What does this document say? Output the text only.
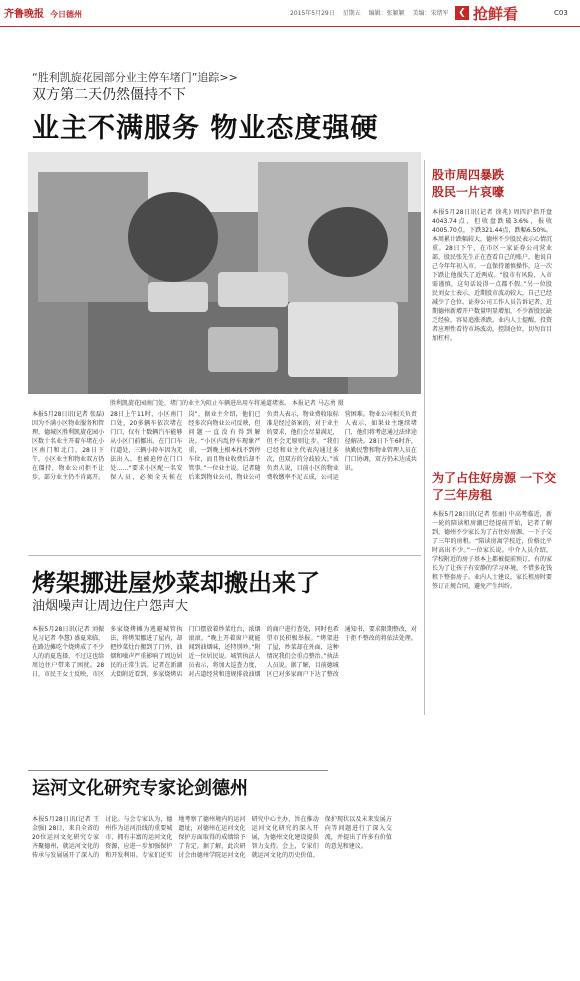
齐鲁晚报 今日德州	2015年5月29日 星期五 编辑：张颖颖 美编：宋绪军	❮ 抢鲜看	C03
“胜利凯旋花园部分业主停车堵门”追踪>>
双方第二天仍然僵持不下
业主不满服务 物业态度强硬
胜利凯旋花园南门处，堵门的业主为阻止车辆进出用车将通道堵塞。 本报记者 马志勇 摄
本报5月28日讯(记者 张磊) 因为不满小区物业服务和管理，德城区胜利凯旋花园小区数十名业主开着车堵在小区南门和北门，28日下午，小区业主和物业双方仍在僵持，物业公司拒不让步，部分业主仍不肯离开。28日上午11时，小区南门口处，20多辆车依次堵在门口，仅有十数辆汽车能够从小区门前挪出，在门口车行道处，三辆小轿车因为无法出入，也被迫停在门口处……“要求小区配一名安保人员，必须全天候在岗”，据业主介绍，他们已经多次向物业公司反映，但问题一直没有得到解决。“小区内乱停车现象严重，一到晚上根本找不到停车位，而且物业收费后却不管事。”一位业主说。记者随后来到物业公司，物业公司负责人表示，物业费收取标准是经过备案的，对于业主的要求，他们会尽量满足，但不会无原则让步。“我们已经和业主代表沟通过多次，但双方的分歧较大。”该负责人说，目前小区的物业费收缴率不足五成，公司运营困难。物业公司相关负责人表示，如果业主继续堵门，他们将考虑通过法律途径解决。28日下午6时许，执勤民警和物业管理人员在门口协调，双方仍未达成共识。
股市周四暴跌 股民一片哀嚎
本报5月28日讯(记者 徐兆) 周四沪指开盘4043.74点，但收盘跌破3.6%，报收4005.70点，下跌321.44点，跌幅6.50%。本周累计跌幅较大，德州不少股民表示心情沉重。28日下午，在市区一家证券公司营业部，股民张先生正在查看自己的账户，他说自己今年年初入市，一直保持谨慎操作，这一次下跌让他损失了近两成。“股市有风险，入市需谨慎，这句话说得一点都不假。”另一位股民刘女士表示，近期股市波动较大，自己已经减少了仓位。证券公司工作人员告诉记者，近期德州新增开户数量明显增加，不少新股民缺乏经验，容易追涨杀跌。业内人士提醒，投资者应理性看待市场波动，控制仓位，切勿盲目加杠杆。
为了占住好房源 一下交了三年房租
本报5月28日讯(记者 张丽) 中高考临近，新一轮的陪读租房潮已经提前开始，记者了解到，德州不少家长为了占住好房源，一下子交了三年的房租。“陪读房离学校近，价格比平时高出不少。”一位家长说。中介人员介绍，学校附近的房子基本上都被提前预订，有的家长为了让孩子有安静的学习环境，不惜多花钱租下整套房子。业内人士建议，家长租房时要签订正规合同，避免产生纠纷。
烤架挪进屋炒菜却搬出来了
油烟噪声让周边住户怨声大
本报5月28日讯(记者 刘振 见习记者 李慧) 盛夏来临，在路边摊吃个烧烤成了不少人的消夏选择，不过这也给周边住户带来了困扰。28日，市民王女士反映，市区多家烧烤摊为逃避城管执法，将烤架挪进了屋内，却把炒菜灶台搬到了门外，油烟和噪声严重影响了周边居民的正常生活。记者在新湖大街附近看到，多家烧烤店门口摆放着炒菜灶台，浓烟滚滚。“晚上开着窗户就能闻到油烟味，还特别吵。”附近一位居民说。城管执法人员表示，将加大巡查力度，对占道经营和违规排放油烟的商户进行查处，同时也希望市民积极举报。“烤架进了屋，炒菜却在外面，这种情况我们会重点整治。”执法人员说。据了解，目前德城区已对多家商户下达了整改通知书，要求限期整改，对于拒不整改的将依法处理。
运河文化研究专家论剑德州
本报5月28日讯(记者 王金强) 28日，来自全省的20位运河文化研究专家齐聚德州，就运河文化的传承与发展展开了深入的讨论。与会专家认为，德州作为运河沿线的重要城市，拥有丰富的运河文化资源，应进一步加强保护和开发利用。专家们还实地考察了德州境内的运河遗址，对德州在运河文化保护方面取得的成绩给予了肯定。据了解，此次研讨会由德州学院运河文化研究中心主办，旨在推动运河文化研究的深入开展，为德州文化建设提供智力支持。会上，专家们就运河文化的历史价值、保护现状以及未来发展方向等问题进行了深入交流，并提出了许多有价值的意见和建议。
